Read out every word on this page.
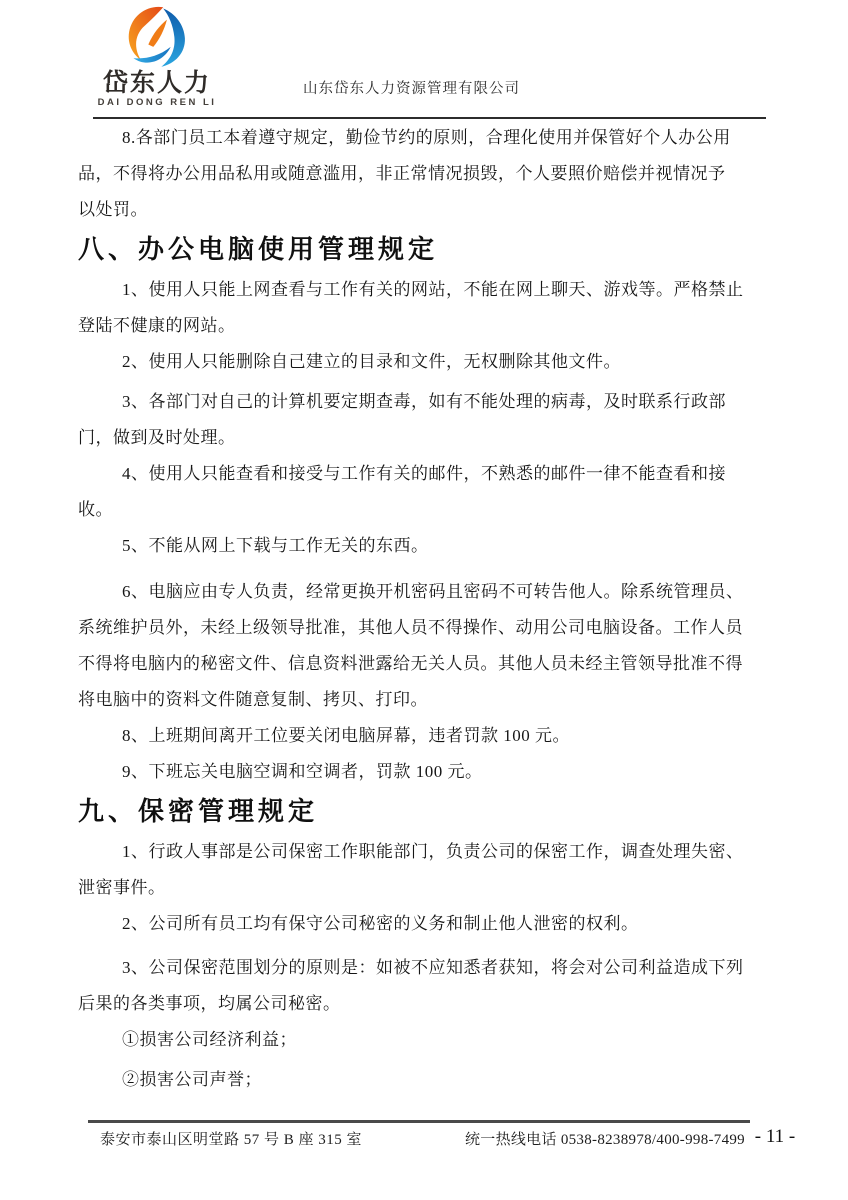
岱东人力
DAI DONG REN LI
山东岱东人力资源管理有限公司
8.各部门员工本着遵守规定，勤俭节约的原则，合理化使用并保管好个人办公用
品，不得将办公用品私用或随意滥用，非正常情况损毁，个人要照价赔偿并视情况予
以处罚。
八、办公电脑使用管理规定
1、使用人只能上网查看与工作有关的网站，不能在网上聊天、游戏等。严格禁止
登陆不健康的网站。
2、使用人只能删除自己建立的目录和文件，无权删除其他文件。
3、各部门对自己的计算机要定期查毒，如有不能处理的病毒，及时联系行政部
门，做到及时处理。
4、使用人只能查看和接受与工作有关的邮件，不熟悉的邮件一律不能查看和接
收。
5、不能从网上下载与工作无关的东西。
6、电脑应由专人负责，经常更换开机密码且密码不可转告他人。除系统管理员、
系统维护员外，未经上级领导批准，其他人员不得操作、动用公司电脑设备。工作人员
不得将电脑内的秘密文件、信息资料泄露给无关人员。其他人员未经主管领导批准不得
将电脑中的资料文件随意复制、拷贝、打印。
8、上班期间离开工位要关闭电脑屏幕，违者罚款 100 元。
9、下班忘关电脑空调和空调者，罚款 100 元。
九、保密管理规定
1、行政人事部是公司保密工作职能部门，负责公司的保密工作，调查处理失密、
泄密事件。
2、公司所有员工均有保守公司秘密的义务和制止他人泄密的权利。
3、公司保密范围划分的原则是：如被不应知悉者获知，将会对公司利益造成下列
后果的各类事项，均属公司秘密。
①损害公司经济利益；
②损害公司声誉；
泰安市泰山区明堂路 57 号 B 座 315 室	统一热线电话 0538-8238978/400-998-7499 - 11 -
